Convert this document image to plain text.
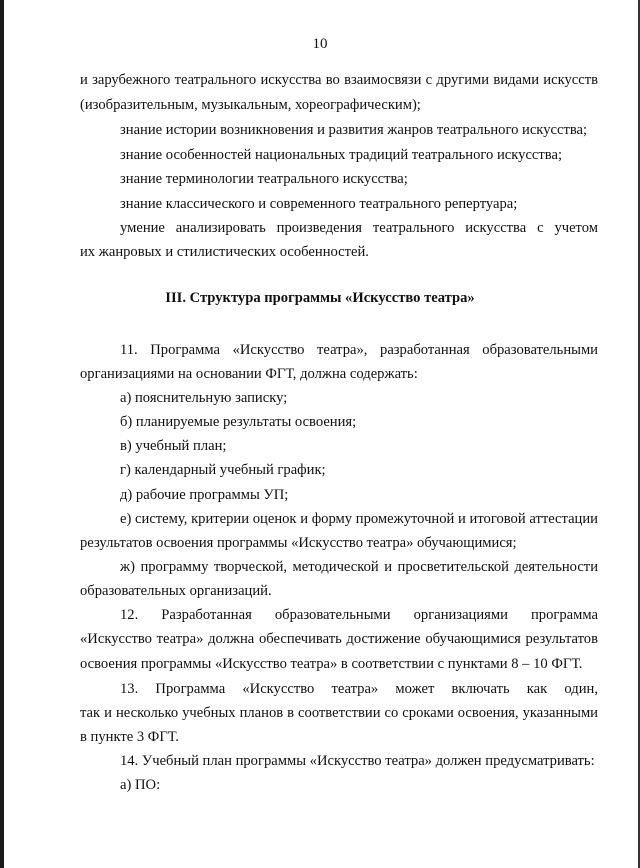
10
и зарубежного театрального искусства во взаимосвязи с другими видами искусств
(изобразительным, музыкальным, хореографическим);
знание истории возникновения и развития жанров театрального искусства;
знание особенностей национальных традиций театрального искусства;
знание терминологии театрального искусства;
знание классического и современного театрального репертуара;
умение анализировать произведения театрального искусства с учетом
их жанровых и стилистических особенностей.
III. Структура программы «Искусство театра»
11. Программа «Искусство театра», разработанная образовательными
организациями на основании ФГТ, должна содержать:
а) пояснительную записку;
б) планируемые результаты освоения;
в) учебный план;
г) календарный учебный график;
д) рабочие программы УП;
е) систему, критерии оценок и форму промежуточной и итоговой аттестации
результатов освоения программы «Искусство театра» обучающимися;
ж) программу творческой, методической и просветительской деятельности
образовательных организаций.
12. Разработанная образовательными организациями программа
«Искусство театра» должна обеспечивать достижение обучающимися результатов
освоения программы «Искусство театра» в соответствии с пунктами 8 – 10 ФГТ.
13. Программа «Искусство театра» может включать как один,
так и несколько учебных планов в соответствии со сроками освоения, указанными
в пункте 3 ФГТ.
14. Учебный план программы «Искусство театра» должен предусматривать:
а) ПО:
